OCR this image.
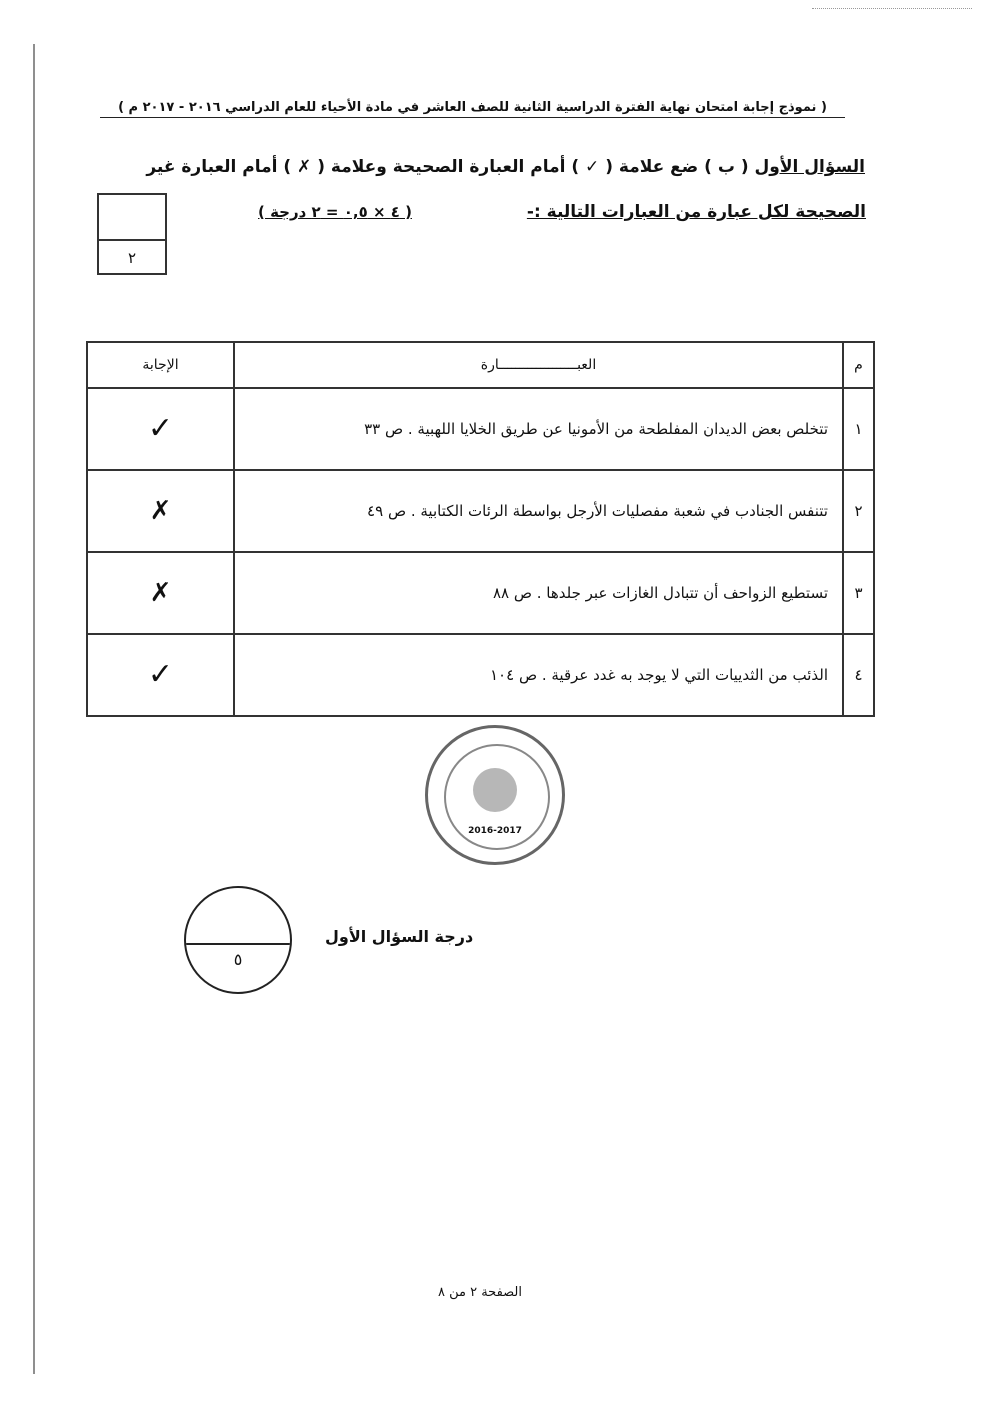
( نموذج إجابة امتحان نهاية الفترة الدراسية الثانية للصف العاشر في مادة الأحياء للعام الدراسي ٢٠١٦ - ٢٠١٧ م )
السؤال الأول ( ب ) ضع علامة ( ✓ ) أمام العبارة الصحيحة وعلامة ( ✗ ) أمام العبارة غير
الصحيحة لكل عبارة من العبارات التالية :-
( ٤ × ٠,٥ = ٢ درجة )
٢
م	العبـــــــــــــــــــارة	الإجابة
١	تتخلص بعض الديدان المفلطحة من الأمونيا عن طريق الخلايا اللهبية . ص ٣٣	✓
٢	تتنفس الجنادب في شعبة مفصليات الأرجل بواسطة الرئات الكتابية . ص ٤٩	✗
٣	تستطيع الزواحف أن تتبادل الغازات عبر جلدها . ص ٨٨	✗
٤	الذئب من الثدييات التي لا يوجد به غدد عرقية . ص ١٠٤	✓
2016-2017
٥
درجة السؤال الأول
الصفحة ٢ من ٨
